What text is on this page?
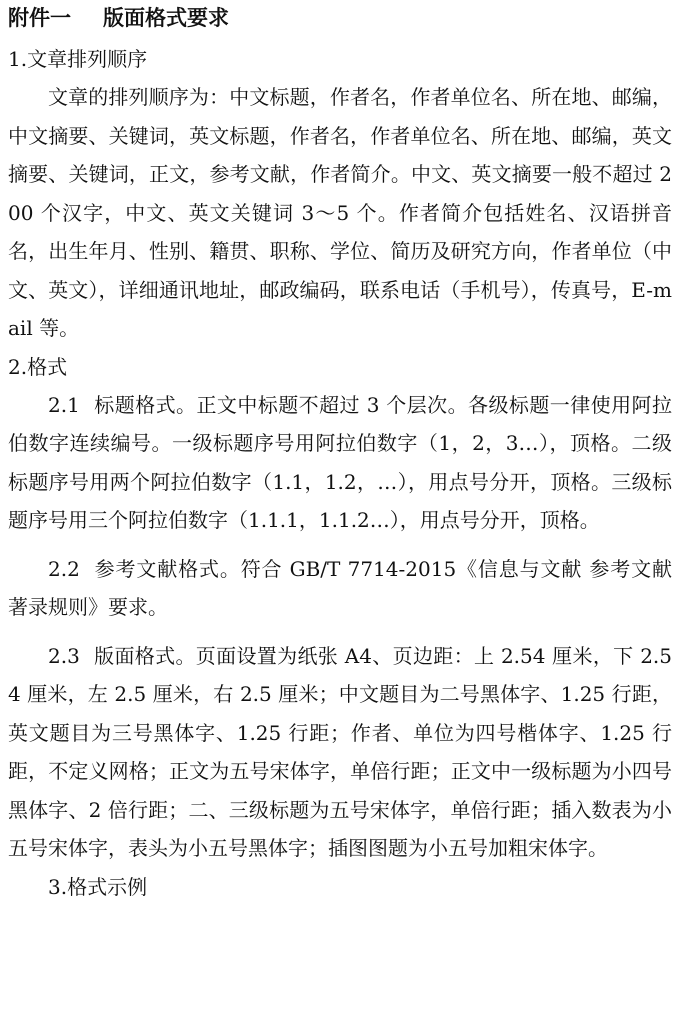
附件一 版面格式要求
1.文章排列顺序

文章的排列顺序为：中文标题，作者名，作者单位名、所在地、邮编，中文摘要、关键词，英文标题，作者名，作者单位名、所在地、邮编，英文摘要、关键词，正文，参考文献，作者简介。中文、英文摘要一般不超过 200 个汉字，中文、英文关键词 3～5 个。作者简介包括姓名、汉语拼音名，出生年月、性别、籍贯、职称、学位、简历及研究方向，作者单位（中文、英文），详细通讯地址，邮政编码，联系电话（手机号），传真号，E-mail 等。

2.格式

2.1 标题格式。正文中标题不超过 3 个层次。各级标题一律使用阿拉伯数字连续编号。一级标题序号用阿拉伯数字（1，2，3…），顶格。二级标题序号用两个阿拉伯数字（1.1，1.2，…），用点号分开，顶格。三级标题序号用三个阿拉伯数字（1.1.1，1.1.2…），用点号分开，顶格。

2.2 参考文献格式。符合 GB/T 7714-2015《信息与文献 参考文献著录规则》要求。

2.3 版面格式。页面设置为纸张 A4、页边距：上 2.54 厘米，下 2.54 厘米，左 2.5 厘米，右 2.5 厘米；中文题目为二号黑体字、1.25 行距，英文题目为三号黑体字、1.25 行距；作者、单位为四号楷体字、1.25 行距，不定义网格；正文为五号宋体字，单倍行距；正文中一级标题为小四号黑体字、2 倍行距；二、三级标题为五号宋体字，单倍行距；插入数表为小五号宋体字，表头为小五号黑体字；插图图题为小五号加粗宋体字。

3.格式示例
